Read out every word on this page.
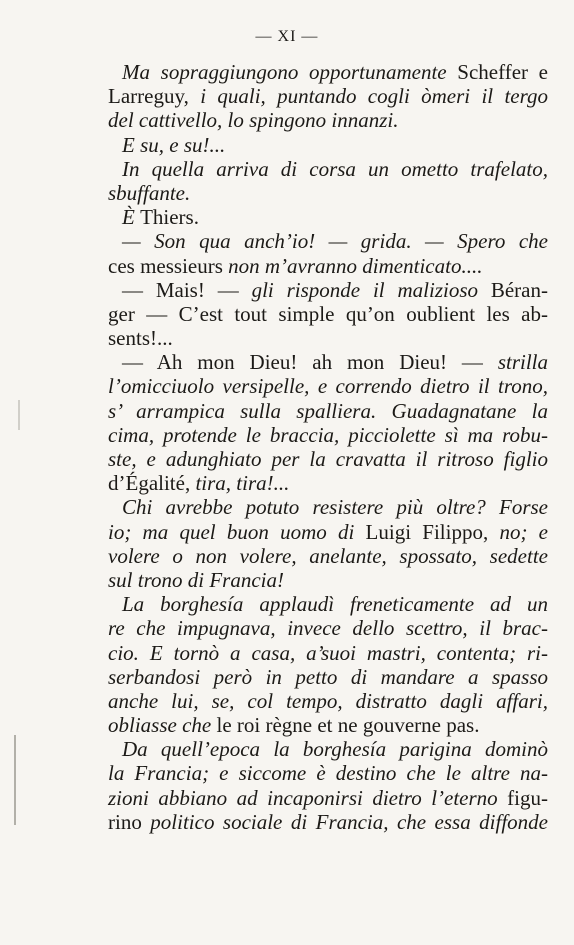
— XI —
Ma sopraggiungono opportunamente Scheffer e
Larreguy, i quali, puntando cogli òmeri il tergo
del cattivello, lo spingono innanzi.
E su, e su!...
In quella arriva di corsa un ometto trafelato,
sbuffante.
È Thiers.
— Son qua anch’io! — grida. — Spero che
ces messieurs non m’avranno dimenticato....
— Mais! — gli risponde il malizioso Béran-
ger — C’est tout simple qu’on oublient les ab-
sents!...
— Ah mon Dieu! ah mon Dieu! — strilla
l’omicciuolo versipelle, e correndo dietro il trono,
s’ arrampica sulla spalliera. Guadagnatane la
cima, protende le braccia, picciolette sì ma robu-
ste, e adunghiato per la cravatta il ritroso figlio
d’Égalité, tira, tira!...
Chi avrebbe potuto resistere più oltre? Forse
io; ma quel buon uomo di Luigi Filippo, no; e
volere o non volere, anelante, spossato, sedette
sul trono di Francia!
La borghesía applaudì freneticamente ad un
re che impugnava, invece dello scettro, il brac-
cio. E tornò a casa, a’suoi mastri, contenta; ri-
serbandosi però in petto di mandare a spasso
anche lui, se, col tempo, distratto dagli affari,
obliasse che le roi règne et ne gouverne pas.
Da quell’epoca la borghesía parigina dominò
la Francia; e siccome è destino che le altre na-
zioni abbiano ad incaponirsi dietro l’eterno figu-
rino politico sociale di Francia, che essa diffonde
